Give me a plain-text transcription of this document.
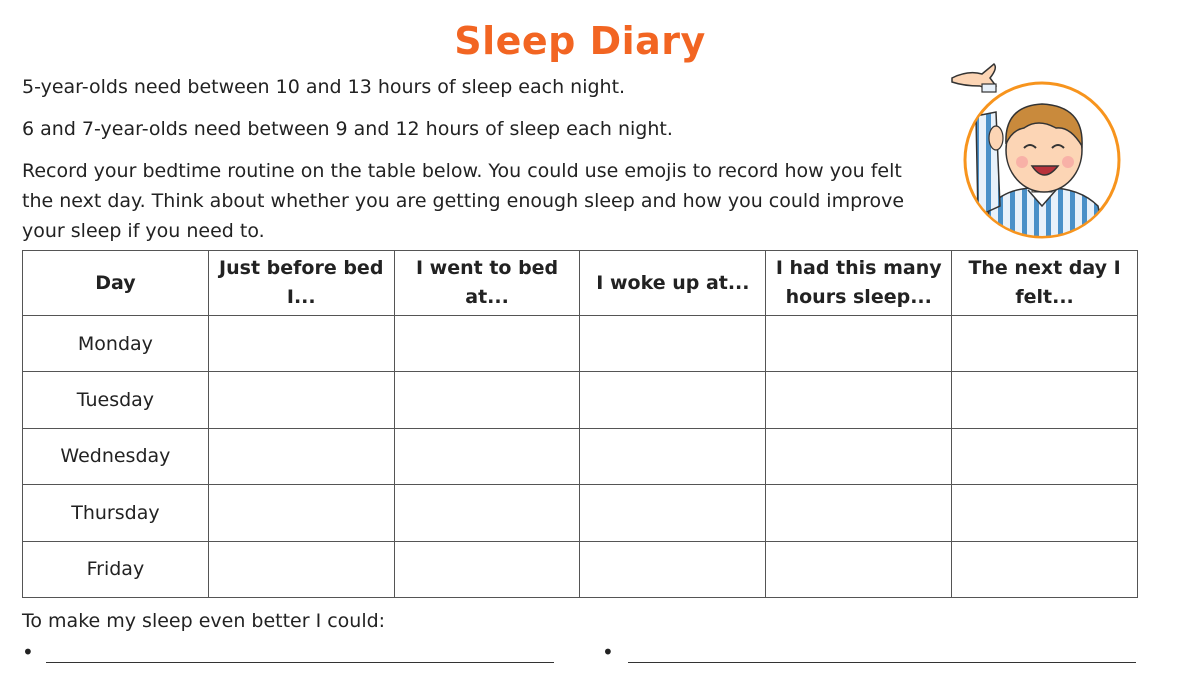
Sleep Diary

5-year-olds need between 10 and 13 hours of sleep each night.

6 and 7-year-olds need between 9 and 12 hours of sleep each night.

Record your bedtime routine on the table below. You could use emojis to record how you felt the next day. Think about whether you are getting enough sleep and how you could improve your sleep if you need to.

Day	Just before bed I...	I went to bed at...	I woke up at...	I had this many hours sleep...	The next day I felt...
Monday					
Tuesday					
Wednesday					
Thursday					
Friday					
To make my sleep even better I could:
•	•
